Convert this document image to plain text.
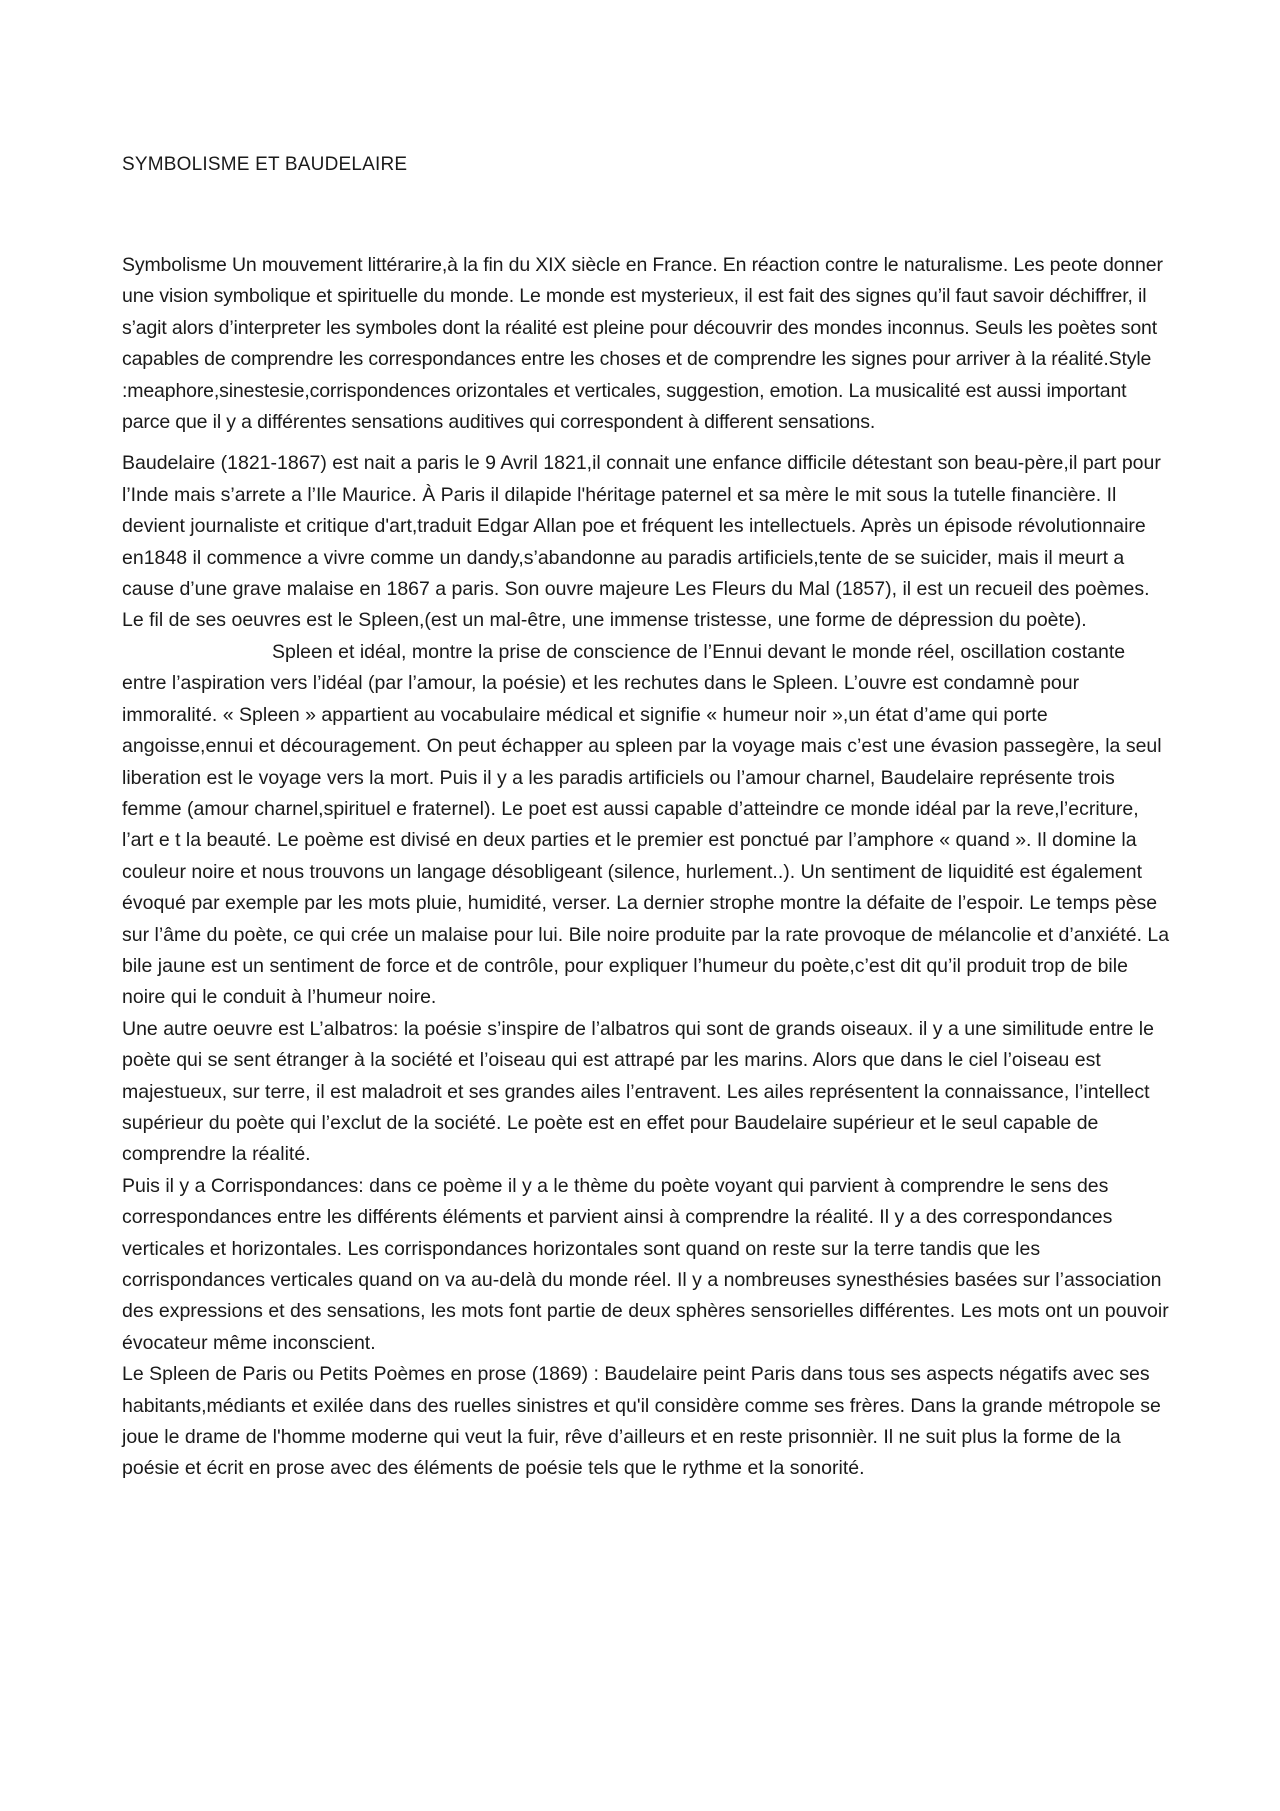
SYMBOLISME ET BAUDELAIRE

Symbolisme Un mouvement littérarire,à la fin du XIX siècle en France. En réaction contre le naturalisme. Les peote donner une vision symbolique et spirituelle du monde. Le monde est mysterieux, il est fait des signes qu’il faut savoir déchiffrer, il s’agit alors d’interpreter les symboles dont la réalité est pleine pour découvrir des mondes inconnus. Seuls les poètes sont capables de comprendre les correspondances entre les choses et de comprendre les signes pour arriver à la réalité.Style :meaphore,sinestesie,corrispondences orizontales et verticales, suggestion, emotion. La musicalité est aussi important parce que il y a différentes sensations auditives qui correspondent à different sensations.

Baudelaire (1821-1867) est nait a paris le 9 Avril 1821,il connait une enfance difficile détestant son beau-père,il part pour l’Inde mais s’arrete a l’Ile Maurice. À Paris il dilapide l'héritage paternel et sa mère le mit sous la tutelle financière. Il devient journaliste et critique d'art,traduit Edgar Allan poe et fréquent les intellectuels. Après un épisode révolutionnaire en1848 il commence a vivre comme un dandy,s’abandonne au paradis artificiels,tente de se suicider, mais il meurt a cause d’une grave malaise en 1867 a paris. Son ouvre majeure Les Fleurs du Mal (1857), il est un recueil des poèmes.

Le fil de ses oeuvres est le Spleen,(est un mal-être, une immense tristesse, une forme de dépression du poète).Spleen et idéal, montre la prise de conscience de l’Ennui devant le monde réel, oscillation costante entre l’aspiration vers l’idéal (par l’amour, la poésie) et les rechutes dans le Spleen. L’ouvre est condamnè pour immoralité. « Spleen » appartient au vocabulaire médical et signifie « humeur noir »,un état d’ame qui porte angoisse,ennui et découragement. On peut échapper au spleen par la voyage mais c’est une évasion passegère, la seul liberation est le voyage vers la mort. Puis il y a les paradis artificiels ou l’amour charnel, Baudelaire représente trois femme (amour charnel,spirituel e fraternel). Le poet est aussi capable d’atteindre ce monde idéal par la reve,l’ecriture, l’art e t la beauté. Le poème est divisé en deux parties et le premier est ponctué par l’amphore « quand ». Il domine la couleur noire et nous trouvons un langage désobligeant (silence, hurlement..). Un sentiment de liquidité est également évoqué par exemple par les mots pluie, humidité, verser. La dernier strophe montre la défaite de l’espoir. Le temps pèse sur l’âme du poète, ce qui crée un malaise pour lui. Bile noire produite par la rate provoque de mélancolie et d’anxiété. La bile jaune est un sentiment de force et de contrôle, pour expliquer l’humeur du poète,c’est dit qu’il produit trop de bile noire qui le conduit à l’humeur noire.

Une autre oeuvre est L’albatros: la poésie s’inspire de l’albatros qui sont de grands oiseaux. il y a une similitude entre le poète qui se sent étranger à la société et l’oiseau qui est attrapé par les marins. Alors que dans le ciel l’oiseau est majestueux, sur terre, il est maladroit et ses grandes ailes l’entravent. Les ailes représentent la connaissance, l’intellect supérieur du poète qui l’exclut de la société. Le poète est en effet pour Baudelaire supérieur et le seul capable de comprendre la réalité.

Puis il y a Corrispondances: dans ce poème il y a le thème du poète voyant qui parvient à comprendre le sens des correspondances entre les différents éléments et parvient ainsi à comprendre la réalité. Il y a des correspondances verticales et horizontales. Les corrispondances horizontales sont quand on reste sur la terre tandis que les corrispondances verticales quand on va au-delà du monde réel. Il y a nombreuses synesthésies basées sur l’association des expressions et des sensations, les mots font partie de deux sphères sensorielles différentes. Les mots ont un pouvoir évocateur même inconscient.

Le Spleen de Paris ou Petits Poèmes en prose (1869) : Baudelaire peint Paris dans tous ses aspects négatifs avec ses habitants,médiants et exilée dans des ruelles sinistres et qu'il considère comme ses frères. Dans la grande métropole se joue le drame de l'homme moderne qui veut la fuir, rêve d’ailleurs et en reste prisonnièr. Il ne suit plus la forme de la poésie et écrit en prose avec des éléments de poésie tels que le rythme et la sonorité.
